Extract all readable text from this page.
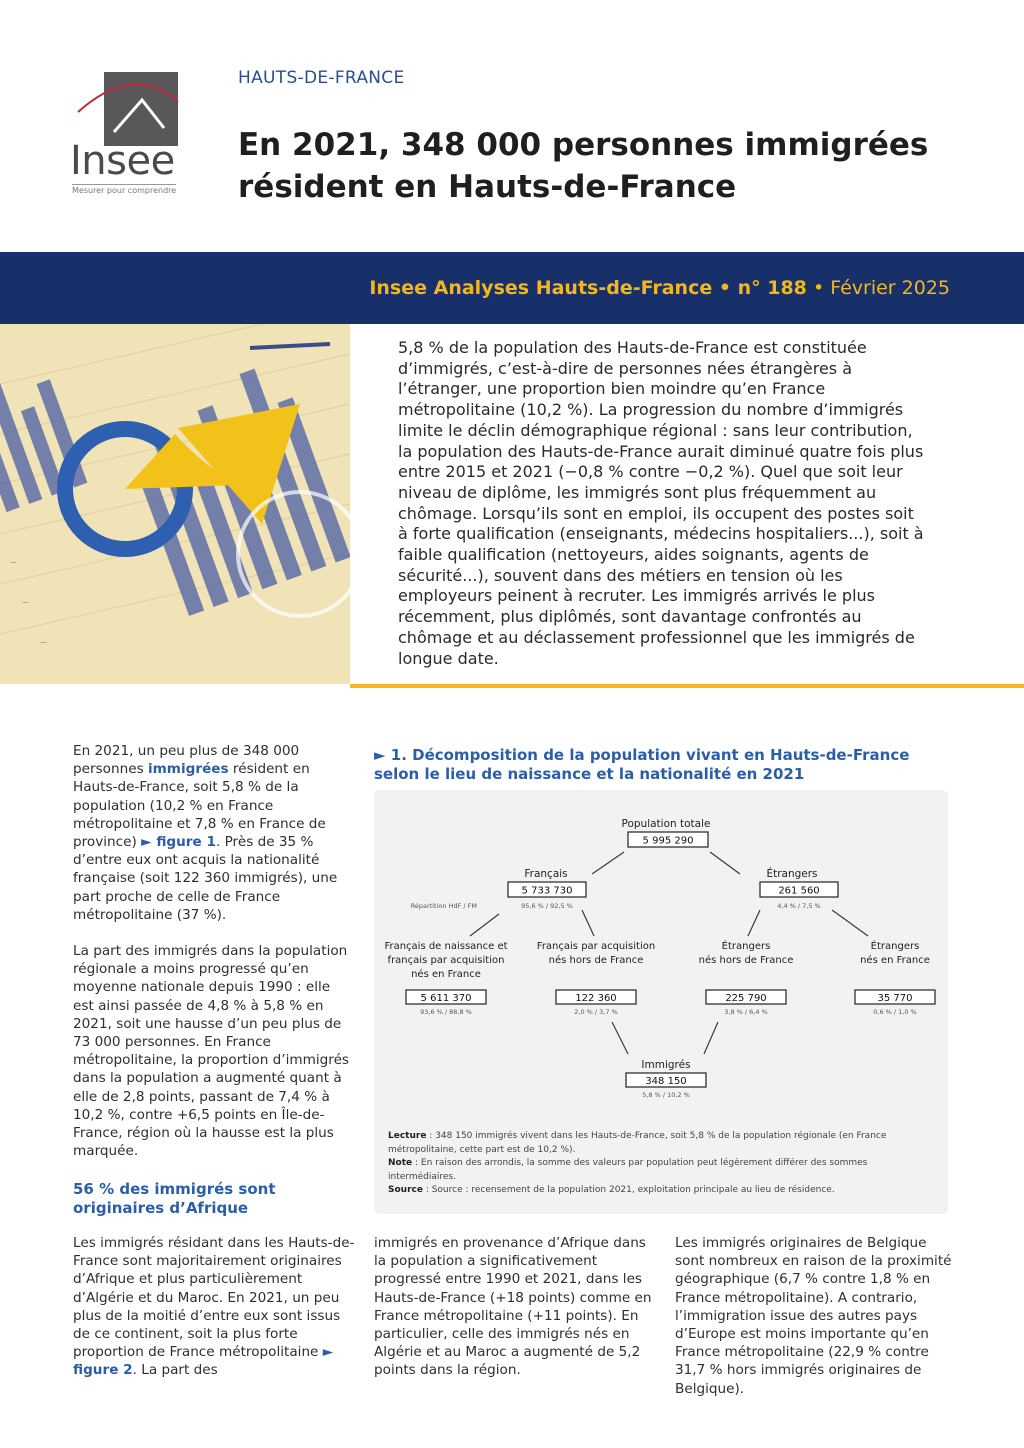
Insee
Mesurer pour comprendre
HAUTS-DE-FRANCE
En 2021, 348 000 personnes immigrées résident en Hauts-de-France
Insee Analyses Hauts-de-France • n° 188 • Février 2025
—
—
—

5,8 % de la population des Hauts-de-France est constituée d’immigrés, c’est-à-dire de personnes nées étrangères à l’étranger, une proportion bien moindre qu’en France métropolitaine (10,2 %). La progression du nombre d’immigrés limite le déclin démographique régional : sans leur contribution, la population des Hauts-de-France aurait diminué quatre fois plus entre 2015 et 2021 (−0,8 % contre −0,2 %). Quel que soit leur niveau de diplôme, les immigrés sont plus fréquemment au chômage. Lorsqu’ils sont en emploi, ils occupent des postes soit à forte qualification (enseignants, médecins hospitaliers...), soit à faible qualification (nettoyeurs, aides soignants, agents de sécurité...), souvent dans des métiers en tension où les employeurs peinent à recruter. Les immigrés arrivés le plus récemment, plus diplômés, sont davantage confrontés au chômage et au déclassement professionnel que les immigrés de longue date.

En 2021, un peu plus de 348 000 personnes immigrées résident en Hauts-de-France, soit 5,8 % de la population (10,2 % en France métropolitaine et 7,8 % en France de province) ► figure 1. Près de 35 % d’entre eux ont acquis la nationalité française (soit 122 360 immigrés), une part proche de celle de France métropolitaine (37 %).

La part des immigrés dans la population régionale a moins progressé qu’en moyenne nationale depuis 1990 : elle est ainsi passée de 4,8 % à 5,8 % en 2021, soit une hausse d’un peu plus de 73 000 personnes. En France métropolitaine, la proportion d’immigrés dans la population a augmenté quant à elle de 2,8 points, passant de 7,4 % à 10,2 %, contre +6,5 points en Île-de-France, région où la hausse est la plus marquée.

56 % des immigrés sont originaires d’Afrique

Les immigrés résidant dans les Hauts-de-France sont majoritairement originaires d’Afrique et plus particulièrement d’Algérie et du Maroc. En 2021, un peu plus de la moitié d’entre eux sont issus de ce continent, soit la plus forte proportion de France métropolitaine ► figure 2. La part des

immigrés en provenance d’Afrique dans la population a significativement progressé entre 1990 et 2021, dans les Hauts-de-France (+18 points) comme en France métropolitaine (+11 points). En particulier, celle des immigrés nés en Algérie et au Maroc a augmenté de 5,2 points dans la région.

Les immigrés originaires de Belgique sont nombreux en raison de la proximité géographique (6,7 % contre 1,8 % en France métropolitaine). A contrario, l’immigration issue des autres pays d’Europe est moins importante qu’en France métropolitaine (22,9 % contre 31,7 % hors immigrés originaires de Belgique).

► 1. Décomposition de la population vivant en Hauts-de-France selon le lieu de naissance et la nationalité en 2021

Population totale
5 995 290
Français
5 733 730
Répartition HdF / FM	95,6 % / 92,5 %
Étrangers
261 560
4,4 % / 7,5 %
Français de naissance et
français par acquisition
nés en France
5 611 370
93,6 % / 88,8 %
Français par acquisition
nés hors de France
122 360
2,0 % / 3,7 %
Étrangers
nés hors de France
225 790
3,8 % / 6,4 %
Étrangers
nés en France
35 770
0,6 % / 1,0 %
Immigrés
348 150
5,8 % / 10,2 %

Lecture : 348 150 immigrés vivent dans les Hauts-de-France, soit 5,8 % de la population régionale (en France métropolitaine, cette part est de 10,2 %).
Note : En raison des arrondis, la somme des valeurs par population peut légèrement différer des sommes intermédiaires.
Source : Source : recensement de la population 2021, exploitation principale au lieu de résidence.
